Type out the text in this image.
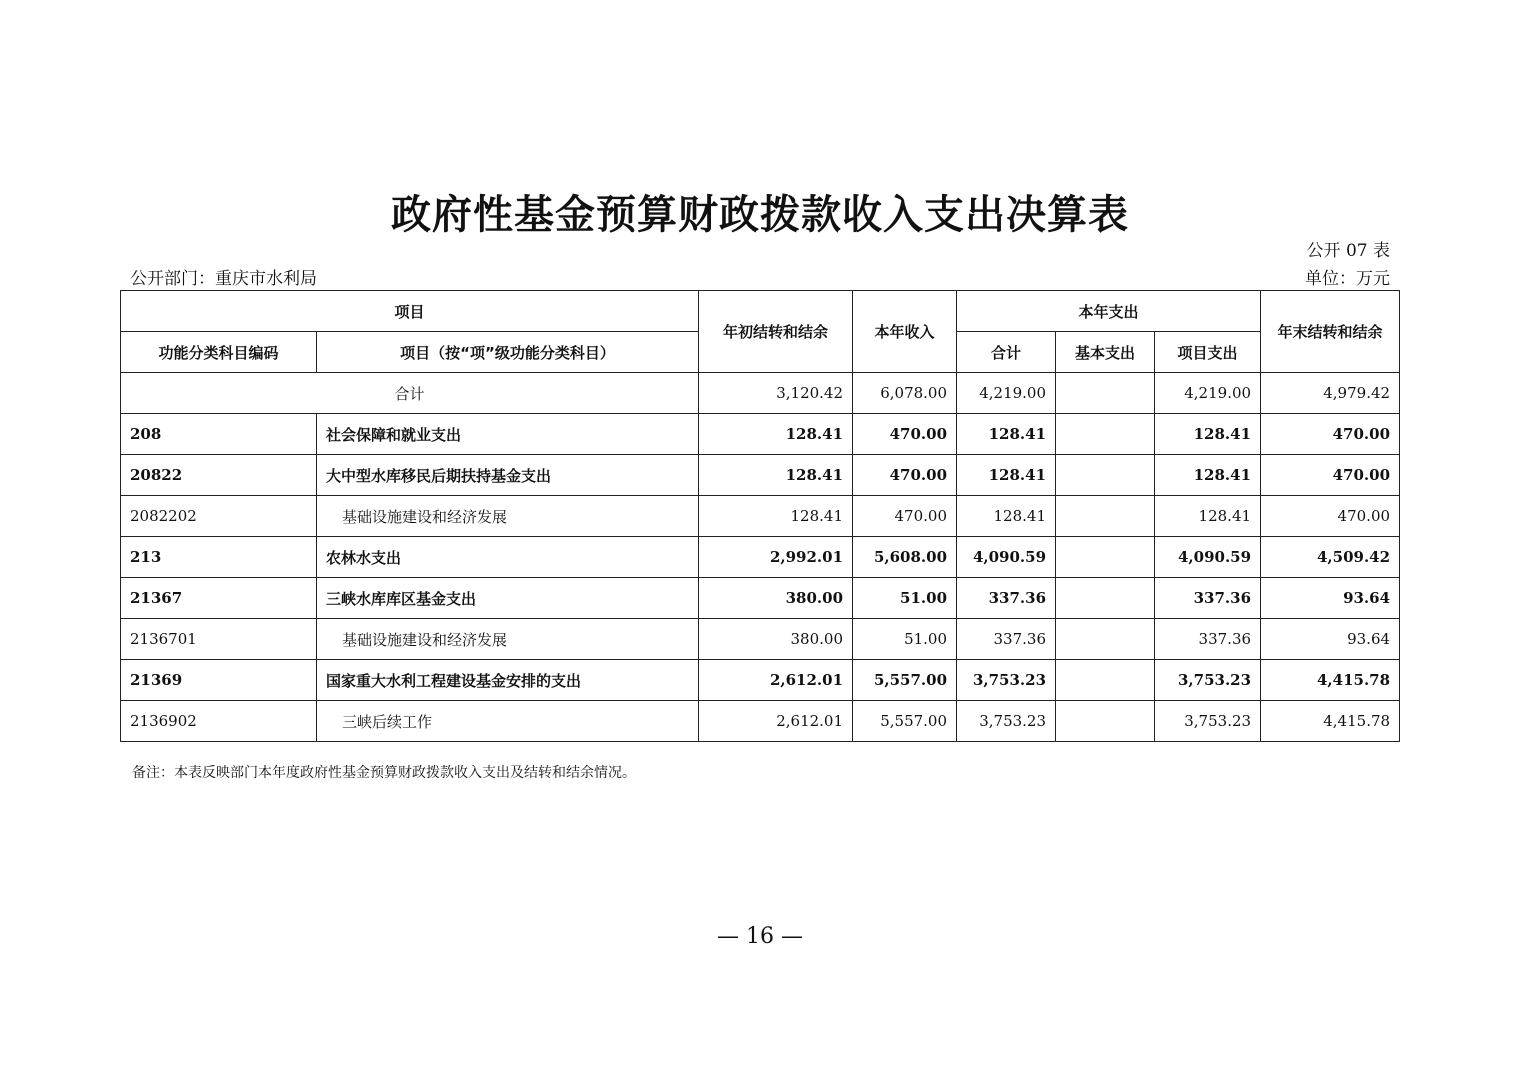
政府性基金预算财政拨款收入支出决算表
公开 07 表
公开部门：重庆市水利局	单位：万元
项目		年初结转和结余	本年收入	本年支出			年末结转和结余
功能分类科目编码	项目（按“项”级功能分类科目）			合计	基本支出	项目支出	
合计		3,120.42	6,078.00	4,219.00		4,219.00	4,979.42
208	社会保障和就业支出	128.41	470.00	128.41		128.41	470.00
20822	大中型水库移民后期扶持基金支出	128.41	470.00	128.41		128.41	470.00
2082202	基础设施建设和经济发展	128.41	470.00	128.41		128.41	470.00
213	农林水支出	2,992.01	5,608.00	4,090.59		4,090.59	4,509.42
21367	三峡水库库区基金支出	380.00	51.00	337.36		337.36	93.64
2136701	基础设施建设和经济发展	380.00	51.00	337.36		337.36	93.64
21369	国家重大水利工程建设基金安排的支出	2,612.01	5,557.00	3,753.23		3,753.23	4,415.78
2136902	三峡后续工作	2,612.01	5,557.00	3,753.23		3,753.23	4,415.78
备注：本表反映部门本年度政府性基金预算财政拨款收入支出及结转和结余情况。
— 16 —
